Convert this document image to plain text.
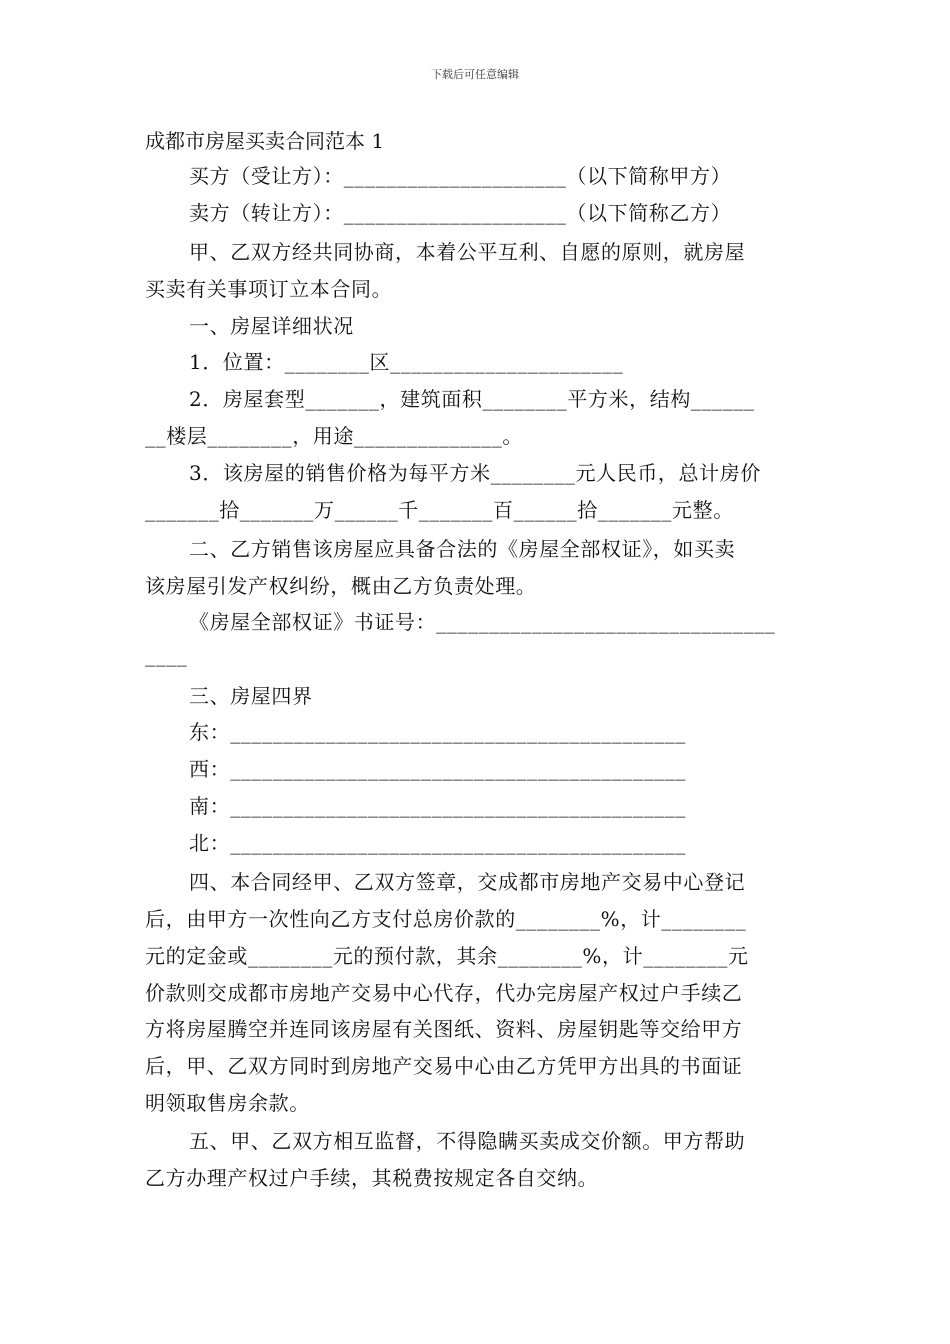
下载后可任意编辑
成都市房屋买卖合同范本 1
买方（受让方）：_____________________（以下简称甲方）
卖方（转让方）：_____________________（以下简称乙方）
甲、乙双方经共同协商，本着公平互利、自愿的原则，就房屋
买卖有关事项订立本合同。
一、房屋详细状况
1．位置：________区______________________
2．房屋套型_______，建筑面积________平方米，结构______
__楼层________，用途______________。
3．该房屋的销售价格为每平方米________元人民币，总计房价
_______拾_______万______千_______百______拾_______元整。
二、乙方销售该房屋应具备合法的《房屋全部权证》，如买卖
该房屋引发产权纠纷，概由乙方负责处理。
《房屋全部权证》书证号：________________________________
____
三、房屋四界
东：___________________________________________
西：___________________________________________
南：___________________________________________
北：___________________________________________
四、本合同经甲、乙双方签章，交成都市房地产交易中心登记
后，由甲方一次性向乙方支付总房价款的________%，计________
元的定金或________元的预付款，其余________%，计________元
价款则交成都市房地产交易中心代存，代办完房屋产权过户手续乙
方将房屋腾空并连同该房屋有关图纸、资料、房屋钥匙等交给甲方
后，甲、乙双方同时到房地产交易中心由乙方凭甲方出具的书面证
明领取售房余款。
五、甲、乙双方相互监督，不得隐瞒买卖成交价额。甲方帮助
乙方办理产权过户手续，其税费按规定各自交纳。
